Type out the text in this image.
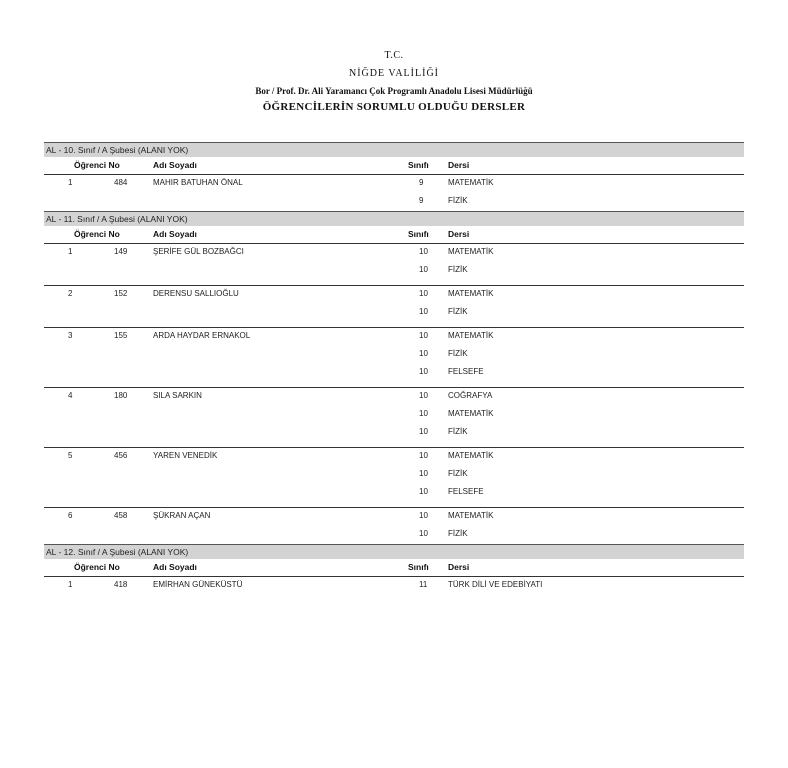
T.C.
NİĞDE VALİLİĞİ
Bor / Prof. Dr. Ali Yaramancı Çok Programlı Anadolu Lisesi Müdürlüğü
ÖĞRENCİLERİN SORUMLU OLDUĞU DERSLER
AL - 10. Sınıf / A Şubesi (ALANI YOK)
Öğrenci No	Adı Soyadı	Sınıfı Dersi
1	484	MAHIR BATUHAN ÖNAL	9	MATEMATİK
9	FİZİK
AL - 11. Sınıf / A Şubesi (ALANI YOK)
Öğrenci No	Adı Soyadı	Sınıfı Dersi
1	149	ŞERİFE GÜL BOZBAĞCI	10	MATEMATİK
10	FİZİK
2	152	DERENSU SALLIOĞLU	10	MATEMATİK
10	FİZİK
3	155	ARDA HAYDAR ERNAKOL	10	MATEMATİK
10	FİZİK
10	FELSEFE
4	180	SILA SARKIN	10	COĞRAFYA
10	MATEMATİK
10	FİZİK
5	456	YAREN VENEDİK	10	MATEMATİK
10	FİZİK
10	FELSEFE
6	458	ŞÜKRAN AÇAN	10	MATEMATİK
10	FİZİK
AL - 12. Sınıf / A Şubesi (ALANI YOK)
Öğrenci No	Adı Soyadı	Sınıfı Dersi
1	418	EMİRHAN GÜNEKÜSTÜ	11	TÜRK DİLİ VE EDEBİYATI
